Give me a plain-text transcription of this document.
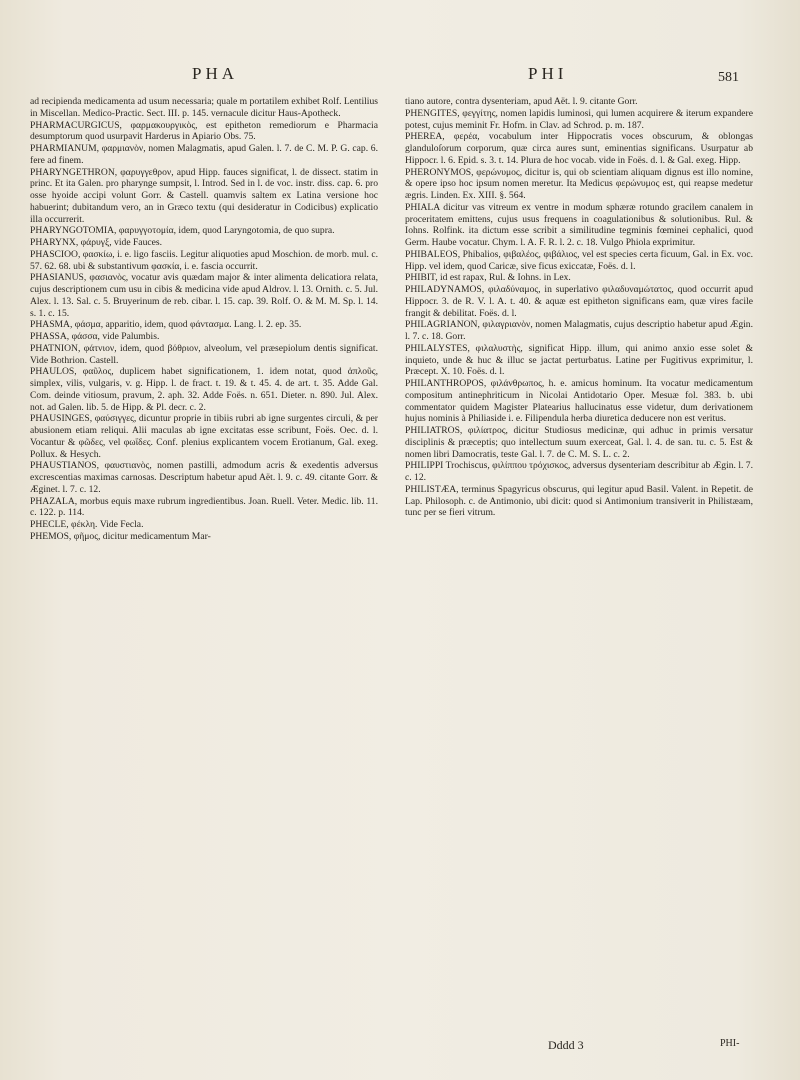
PHA	PHI	581

ad recipienda medicamenta ad usum necessaria; quale m portatilem exhibet Rolf. Lentilius in Miscellan. Medico-Practic. Sect. III. p. 145. vernacule dicitur Haus-Apotheck.

PHARMACURGICUS, φαρμακουργικὸς, est epitheton remediorum e Pharmacia desumptorum quod usurpavit Harderus in Apiario Obs. 75.

PHARMIANUM, φαρμιανὸν, nomen Malagmatis, apud Galen. l. 7. de C. M. P. G. cap. 6. fere ad finem.

PHARYNGETHRON, φαρυγγεθρον, apud Hipp. fauces significat, l. de dissect. statim in princ. Et ita Galen. pro pharynge sumpsit, l. Introd. Sed in l. de voc. instr. diss. cap. 6. pro osse hyoide accipi volunt Gorr. & Castell. quamvis saltem ex Latina versione hoc habuerint; dubitandum vero, an in Græco textu (qui desideratur in Codicibus) explicatio illa occurrerit.

PHARYNGOTOMIA, φαρυγγοτομία, idem, quod Laryngotomia, de quo supra.

PHARYNX, φάρυγξ, vide Fauces.

PHASCIOO, φασκίω, i. e. ligo fasciis. Legitur aliquoties apud Moschion. de morb. mul. c. 57. 62. 68. ubi & substantivum φασκία, i. e. fascia occurrit.

PHASIANUS, φασιανὸς, vocatur avis quædam major & inter alimenta delicatiora relata, cujus descriptionem cum usu in cibis & medicina vide apud Aldrov. l. 13. Ornith. c. 5. Jul. Alex. l. 13. Sal. c. 5. Bruyerinum de reb. cibar. l. 15. cap. 39. Rolf. O. & M. M. Sp. l. 14. s. 1. c. 15.

PHASMA, φάσμα, apparitio, idem, quod φάντασμα. Lang. l. 2. ep. 35.

PHASSA, φάσσα, vide Palumbis.

PHATNION, φάτνιον, idem, quod βόθριον, alveolum, vel præsepiolum dentis significat. Vide Bothrion. Castell.

PHAULOS, φαῦλος, duplicem habet significationem, 1. idem notat, quod ἁπλοῦς, simplex, vilis, vulgaris, v. g. Hipp. l. de fract. t. 19. & t. 45. 4. de art. t. 35. Adde Gal. Com. deinde vitiosum, pravum, 2. aph. 32. Adde Foës. n. 651. Dieter. n. 890. Jul. Alex. not. ad Galen. lib. 5. de Hipp. & Pl. decr. c. 2.

PHAUSINGES, φαύσιγγες, dicuntur proprie in tibiis rubri ab igne surgentes circuli, & per abusionem etiam reliqui. Alii maculas ab igne excitatas esse scribunt, Foës. Oec. d. l. Vocantur & φῶδες, vel φωΐδες. Conf. plenius explicantem vocem Erotianum, Gal. exeg. Pollux. & Hesych.

PHAUSTIANOS, φαυστιανὸς, nomen pastilli, admodum acris & exedentis adversus excrescentias maximas carnosas. Descriptum habetur apud Aët. l. 9. c. 49. citante Gorr. & Æginet. l. 7. c. 12.

PHAZALA, morbus equis maxe rubrum ingredientibus. Joan. Ruell. Veter. Medic. lib. 11. c. 122. p. 114.

PHECLE, φέκλη. Vide Fecla.

PHEMOS, φῆμος, dicitur medicamentum Mar-

tiano autore, contra dysenteriam, apud Aët. l. 9. citante Gorr.

PHENGITES, φεγγίτης, nomen lapidis luminosi, qui lumen acquirere & iterum expandere potest, cujus meminit Fr. Hofm. in Clav. ad Schrod. p. m. 187.

PHEREA, φερέα, vocabulum inter Hippocratis voces obscurum, & oblongas glanduloſorum corporum, quæ circa aures sunt, eminentias significans. Usurpatur ab Hippocr. l. 6. Epid. s. 3. t. 14. Plura de hoc vocab. vide in Foës. d. l. & Gal. exeg. Hipp.

PHERONYMOS, φερώνυμος, dicitur is, qui ob scientiam aliquam dignus est illo nomine, & opere ipso hoc ipsum nomen meretur. Ita Medicus φερώνυμος est, qui reapse medetur ægris. Linden. Ex. XIII. §. 564.

PHIALA dicitur vas vitreum ex ventre in modum sphæræ rotundo gracilem canalem in proceritatem emittens, cujus usus frequens in coagulationibus & solutionibus. Rul. & Iohns. Rolfink. ita dictum esse scribit a similitudine tegminis fœminei cephalici, quod Germ. Haube vocatur. Chym. l. A. F. R. l. 2. c. 18. Vulgo Phiola exprimitur.

PHIBALEOS, Phibalios, φιβαλέος, φιβάλιος, vel est species certa ficuum, Gal. in Ex. voc. Hipp. vel idem, quod Caricæ, sive ficus exiccatæ, Foës. d. l.

PHIBIT, id est rapax, Rul. & Iohns. in Lex.

PHILADYNAMOS, φιλαδύναμος, in superlativo φιλαδυναμώτατος, quod occurrit apud Hippocr. 3. de R. V. l. A. t. 40. & aquæ est epitheton significans eam, quæ vires facile frangit & debilitat. Foës. d. l.

PHILAGRIANON, φιλαγριανὸν, nomen Malagmatis, cujus descriptio habetur apud Ægin. l. 7. c. 18. Gorr.

PHILALYSTES, φιλαλυστὴς, significat Hipp. illum, qui animo anxio esse solet & inquieto, unde & huc & illuc se jactat perturbatus. Latine per Fugitivus exprimitur, l. Præcept. X. 10. Foës. d. l.

PHILANTHROPOS, φιλάνθρωπος, h. e. amicus hominum. Ita vocatur medicamentum compositum antinephriticum in Nicolai Antidotario Oper. Mesuæ fol. 383. b. ubi commentator quidem Magister Platearius hallucinatus esse videtur, dum derivationem hujus nominis à Philiaside i. e. Filipendula herba diuretica deducere non est veritus.

PHILIATROS, φιλίατρος, dicitur Studiosus medicinæ, qui adhuc in primis versatur disciplinis & præceptis; quo intellectum suum exerceat, Gal. l. 4. de san. tu. c. 5. Est & nomen libri Damocratis, teste Gal. l. 7. de C. M. S. L. c. 2.

PHILIPPI Trochiscus, φιλίππου τρόχισκος, adversus dysenteriam describitur ab Ægin. l. 7. c. 12.

PHILISTÆA, terminus Spagyricus obscurus, qui legitur apud Basil. Valent. in Repetit. de Lap. Philosoph. c. de Antimonio, ubi dicit: quod si Antimonium transiverit in Philistæam, tunc per se fieri vitrum.

Dddd 3	PHI-
